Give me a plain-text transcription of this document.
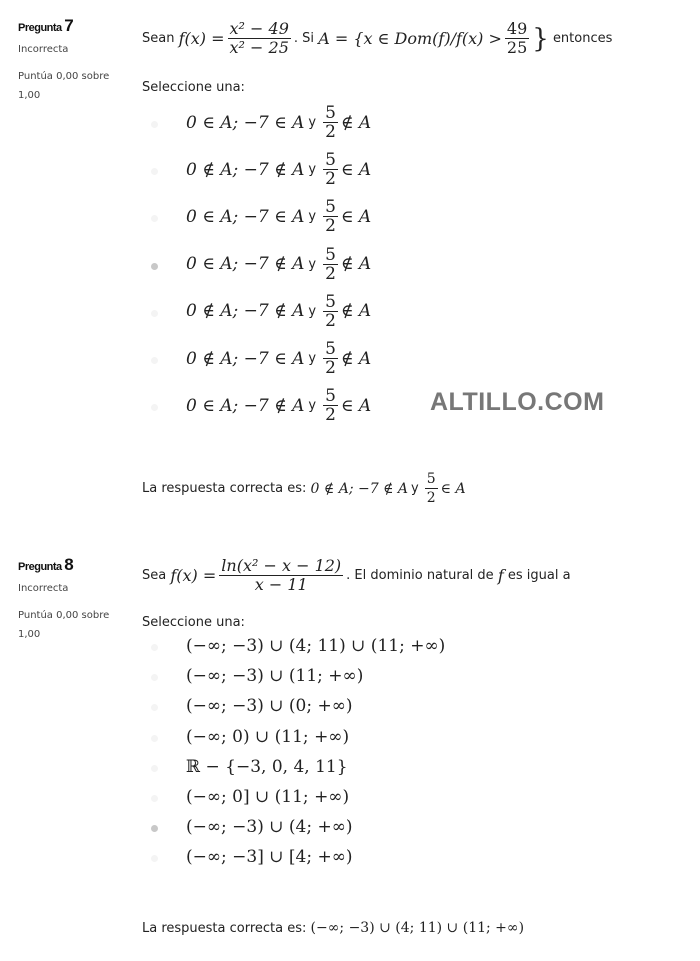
Pregunta 7
Incorrecta
Puntúa 0,00 sobre 1,00
Sean
$f(x) = \frac{\text{x² − 49}}{\text{x² − 25}}$ . Si
A = {x ∈ $Dom(f)/f(x) > \frac{49}{25}$ }
entonces
Seleccione una:
0 ∈ A; −7 ∈ A y $\frac{5}{2}$ ∉ A
0 ∉ A; −7 ∉ A y $\frac{5}{2}$ ∈ A
0 ∈ A; −7 ∈ A y $\frac{5}{2}$ ∈ A
0 ∈ A; −7 ∉ A y $\frac{5}{2}$ ∉ A
0 ∉ A; −7 ∉ A y $\frac{5}{2}$ ∉ A
0 ∉ A; −7 ∈ A y $\frac{5}{2}$ ∉ A
0 ∈ A; −7 ∉ A y $\frac{5}{2}$ ∈ A ALTILLO.COM
La respuesta correcta es:
0 ∉ A; −7 ∉ A y $\frac{5}{2}$ ∈ A
Pregunta 8
Incorrecta
Puntúa 0,00 sobre 1,00
Sea
$f(x) = \frac{\text{ln(x² − x − 12)}}{x - 11}$ . El dominio natural de
f
es igual a
Seleccione una:
(−∞; −3) ∪ (4; 11) ∪ (11; +∞)
(−∞; −3) ∪ (11; +∞)
(−∞; −3) ∪ (0; +∞)
(−∞; 0) ∪ (11; +∞)
ℝ − {−3, 0, 4, 11}
(−∞; 0] ∪ (11; +∞)
(−∞; −3) ∪ (4; +∞)
(−∞; −3] ∪ [4; +∞)
La respuesta correcta es:
(−∞; −3) ∪ (4; 11) ∪ (11; +∞)
